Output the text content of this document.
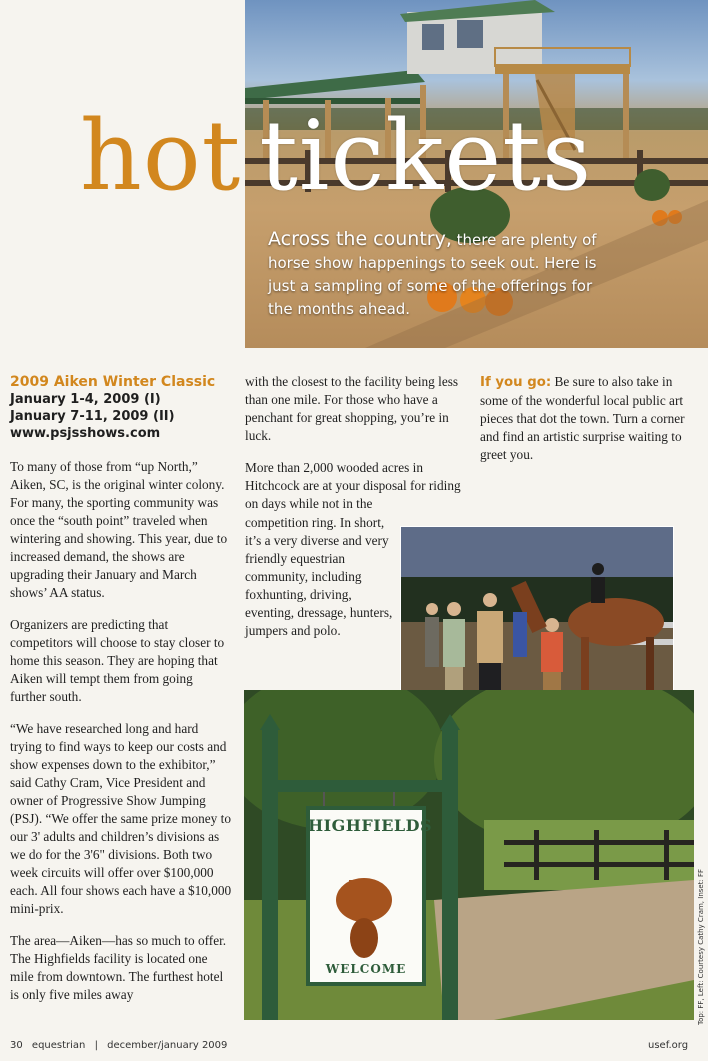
hot tickets
Across the country, there are plenty of horse show happenings to seek out. Here is just a sampling of some of the offerings for the months ahead.
2009 Aiken Winter Classic
January 1-4, 2009 (I)
January 7-11, 2009 (II)
www.psjsshows.com

To many of those from “up North,” Aiken, SC, is the original winter colony. For many, the sporting community was once the “south point” traveled when wintering and showing. This year, due to increased demand, the shows are upgrading their January and March shows’ AA status.

Organizers are predicting that competitors will choose to stay closer to home this season. They are hoping that Aiken will tempt them from going further south.

“We have researched long and hard trying to find ways to keep our costs and show expenses down to the exhibitor,” said Cathy Cram, Vice President and owner of Progressive Show Jumping (PSJ). “We offer the same prize money to our 3' adults and children’s divisions as we do for the 3'6" divisions. Both two week circuits will offer over $100,000 each. All four shows each have a $10,000 mini-prix.

The area—Aiken—has so much to offer. The Highfields facility is located one mile from downtown. The furthest hotel is only five miles away

with the closest to the facility being less than one mile. For those who have a penchant for great shopping, you’re in luck.

More than 2,000 wooded acres in Hitchcock are at your disposal for riding on days while not in the

competition ring. In short, it’s a very diverse and very friendly equestrian community, including foxhunting, driving, eventing, dressage, hunters, jumpers and polo.

If you go: Be sure to also take in some of the wonderful local public art pieces that dot the town. Turn a corner and find an artistic surprise waiting to greet you.

HIGHFIELDS
WELCOME	Top: FF, Left: Courtesy Cathy Cram, Inset: FF
30 equestrian | december/january 2009	usef.org
